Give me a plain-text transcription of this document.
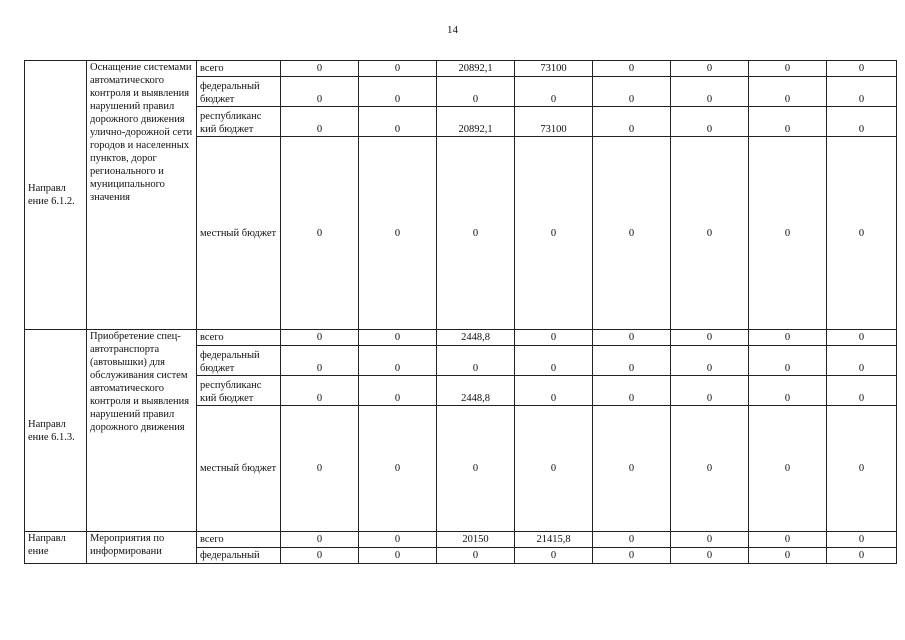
14
Направл ение 6.1.2.	Оснащение системами автоматического контроля и выявления нарушений правил дорожного движения улично-дорожной сети городов и населенных пунктов, дорог регионального и муниципального значения	всего	0	0	20892,1	73100	0	0	0	0
		федеральный бюджет	0	0	0	0	0	0	0	0
		республиканс кий бюджет	0	0	20892,1	73100	0	0	0	0
		местный бюджет	0	0	0	0	0	0	0	0
Направл ение 6.1.3.	Приобретение спец-автотранспорта (автовышки) для обслуживания систем автоматического контроля и выявления нарушений правил дорожного движения	всего	0	0	2448,8	0	0	0	0	0
		федеральный бюджет	0	0	0	0	0	0	0	0
		республиканс кий бюджет	0	0	2448,8	0	0	0	0	0
		местный бюджет	0	0	0	0	0	0	0	0
Направл ение	Мероприятия по информировани	всего	0	0	20150	21415,8	0	0	0	0
		федеральный	0	0	0	0	0	0	0	0
